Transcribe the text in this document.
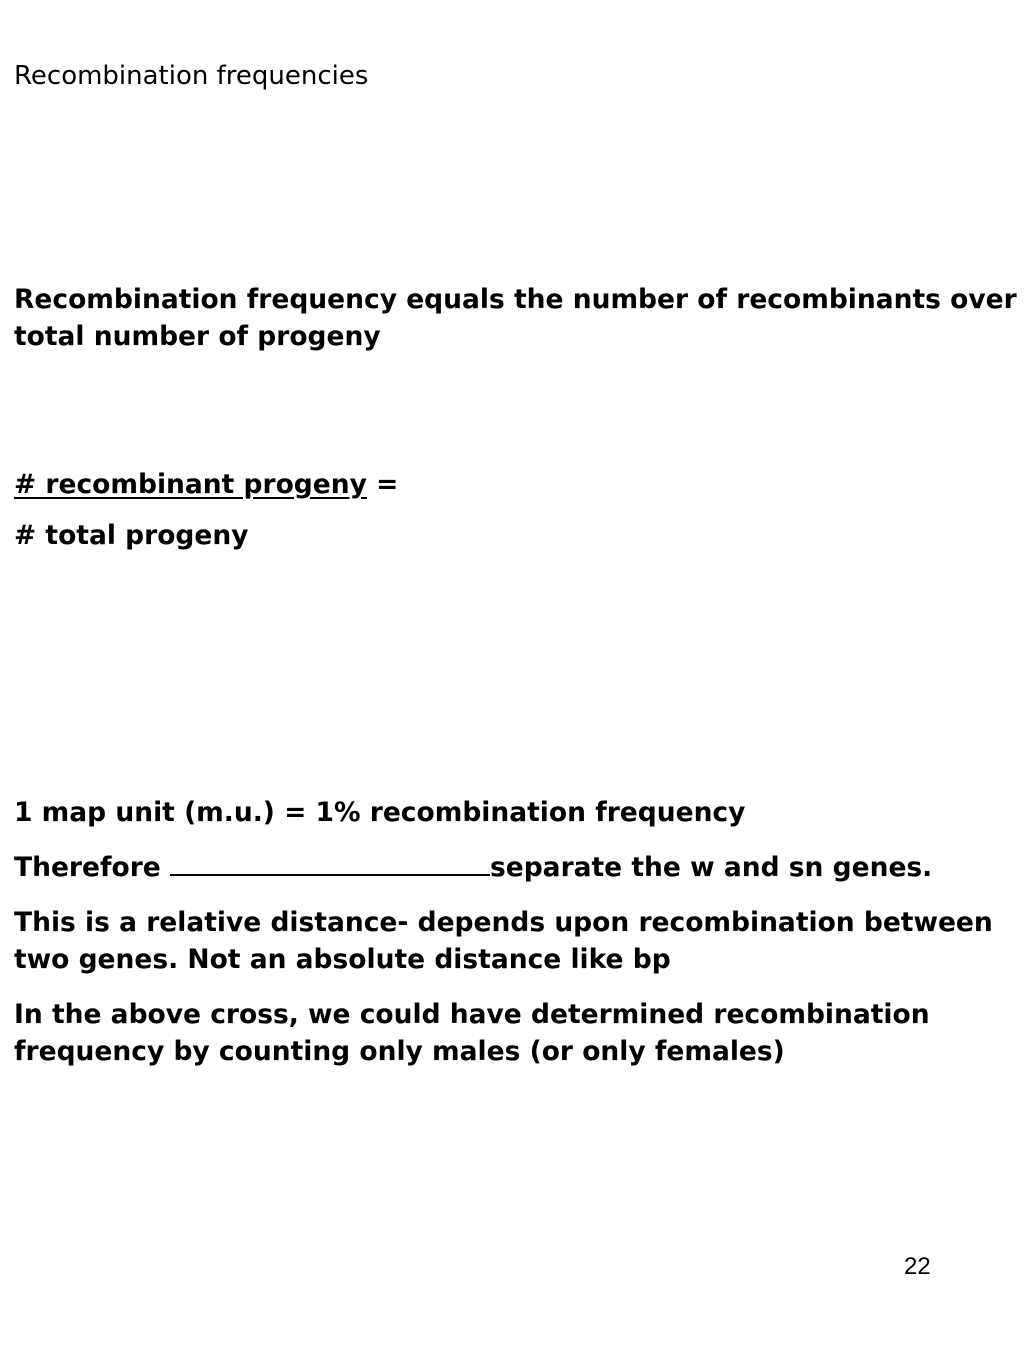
Recombination frequencies
Recombination frequency equals the number of recombinants over
total number of progeny
# recombinant progeny =
# total progeny
1 map unit (m.u.) = 1% recombination frequency
Therefore	separate the w and sn genes.
This is a relative distance- depends upon recombination between
two genes. Not an absolute distance like bp
In the above cross, we could have determined recombination
frequency by counting only males (or only females)
22
